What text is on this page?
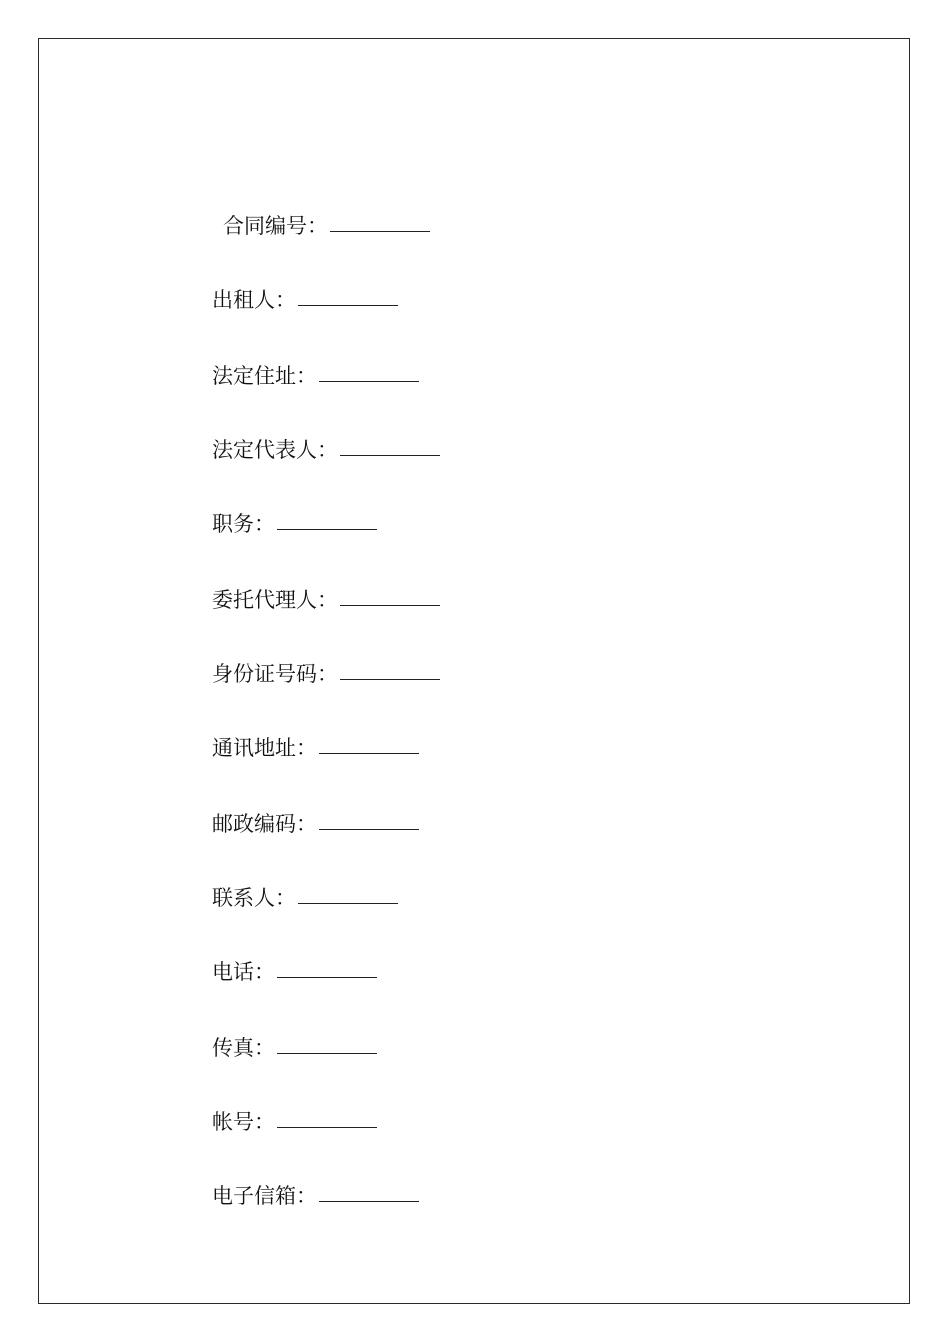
合同编号：
出租人：
法定住址：
法定代表人：
职务：
委托代理人：
身份证号码：
通讯地址：
邮政编码：
联系人：
电话：
传真：
帐号：
电子信箱：
